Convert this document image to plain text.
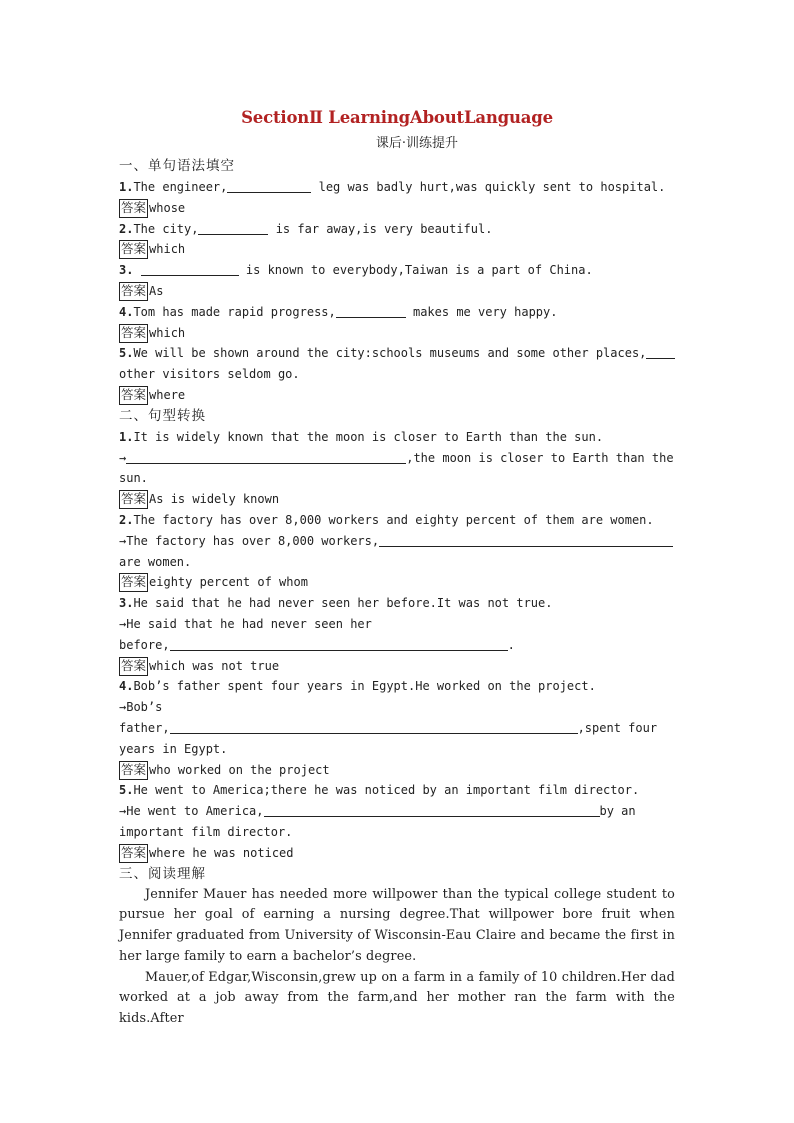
SectionⅡ LearningAboutLanguage
课后·训练提升
一、单句语法填空
1.The engineer,	leg was badly hurt,was quickly sent to hospital.
答案 whose
2.The city,	is far away,is very beautiful.
答案 which
3.	is known to everybody,Taiwan is a part of China.
答案 As
4.Tom has made rapid progress,	makes me very happy.
答案 which
5.We will be shown around the city:schools museums and some other places,
other visitors seldom go.
答案 where
二、句型转换
1.It is widely known that the moon is closer to Earth than the sun.
→	,the moon is closer to Earth than the
sun.
答案 As is widely known
2.The factory has over 8,000 workers and eighty percent of them are women.
→The factory has over 8,000 workers,
are women.
答案 eighty percent of whom
3.He said that he had never seen her before.It was not true.
→He said that he had never seen her
before,	.
答案 which was not true
4.Bob’s father spent four years in Egypt.He worked on the project.
→Bob’s
father,	,spent four
years in Egypt.
答案 who worked on the project
5.He went to America;there he was noticed by an important film director.
→He went to America,	by an
important film director.
答案 where he was noticed
三、阅读理解
Jennifer Mauer has needed more willpower than the typical college student to pursue her goal of earning a nursing degree.That willpower bore fruit when Jennifer graduated from University of Wisconsin-Eau Claire and became the first in her large family to earn a bachelor’s degree.
Mauer,of Edgar,Wisconsin,grew up on a farm in a family of 10 children.Her dad worked at a job away from the farm,and her mother ran the farm with the kids.After
